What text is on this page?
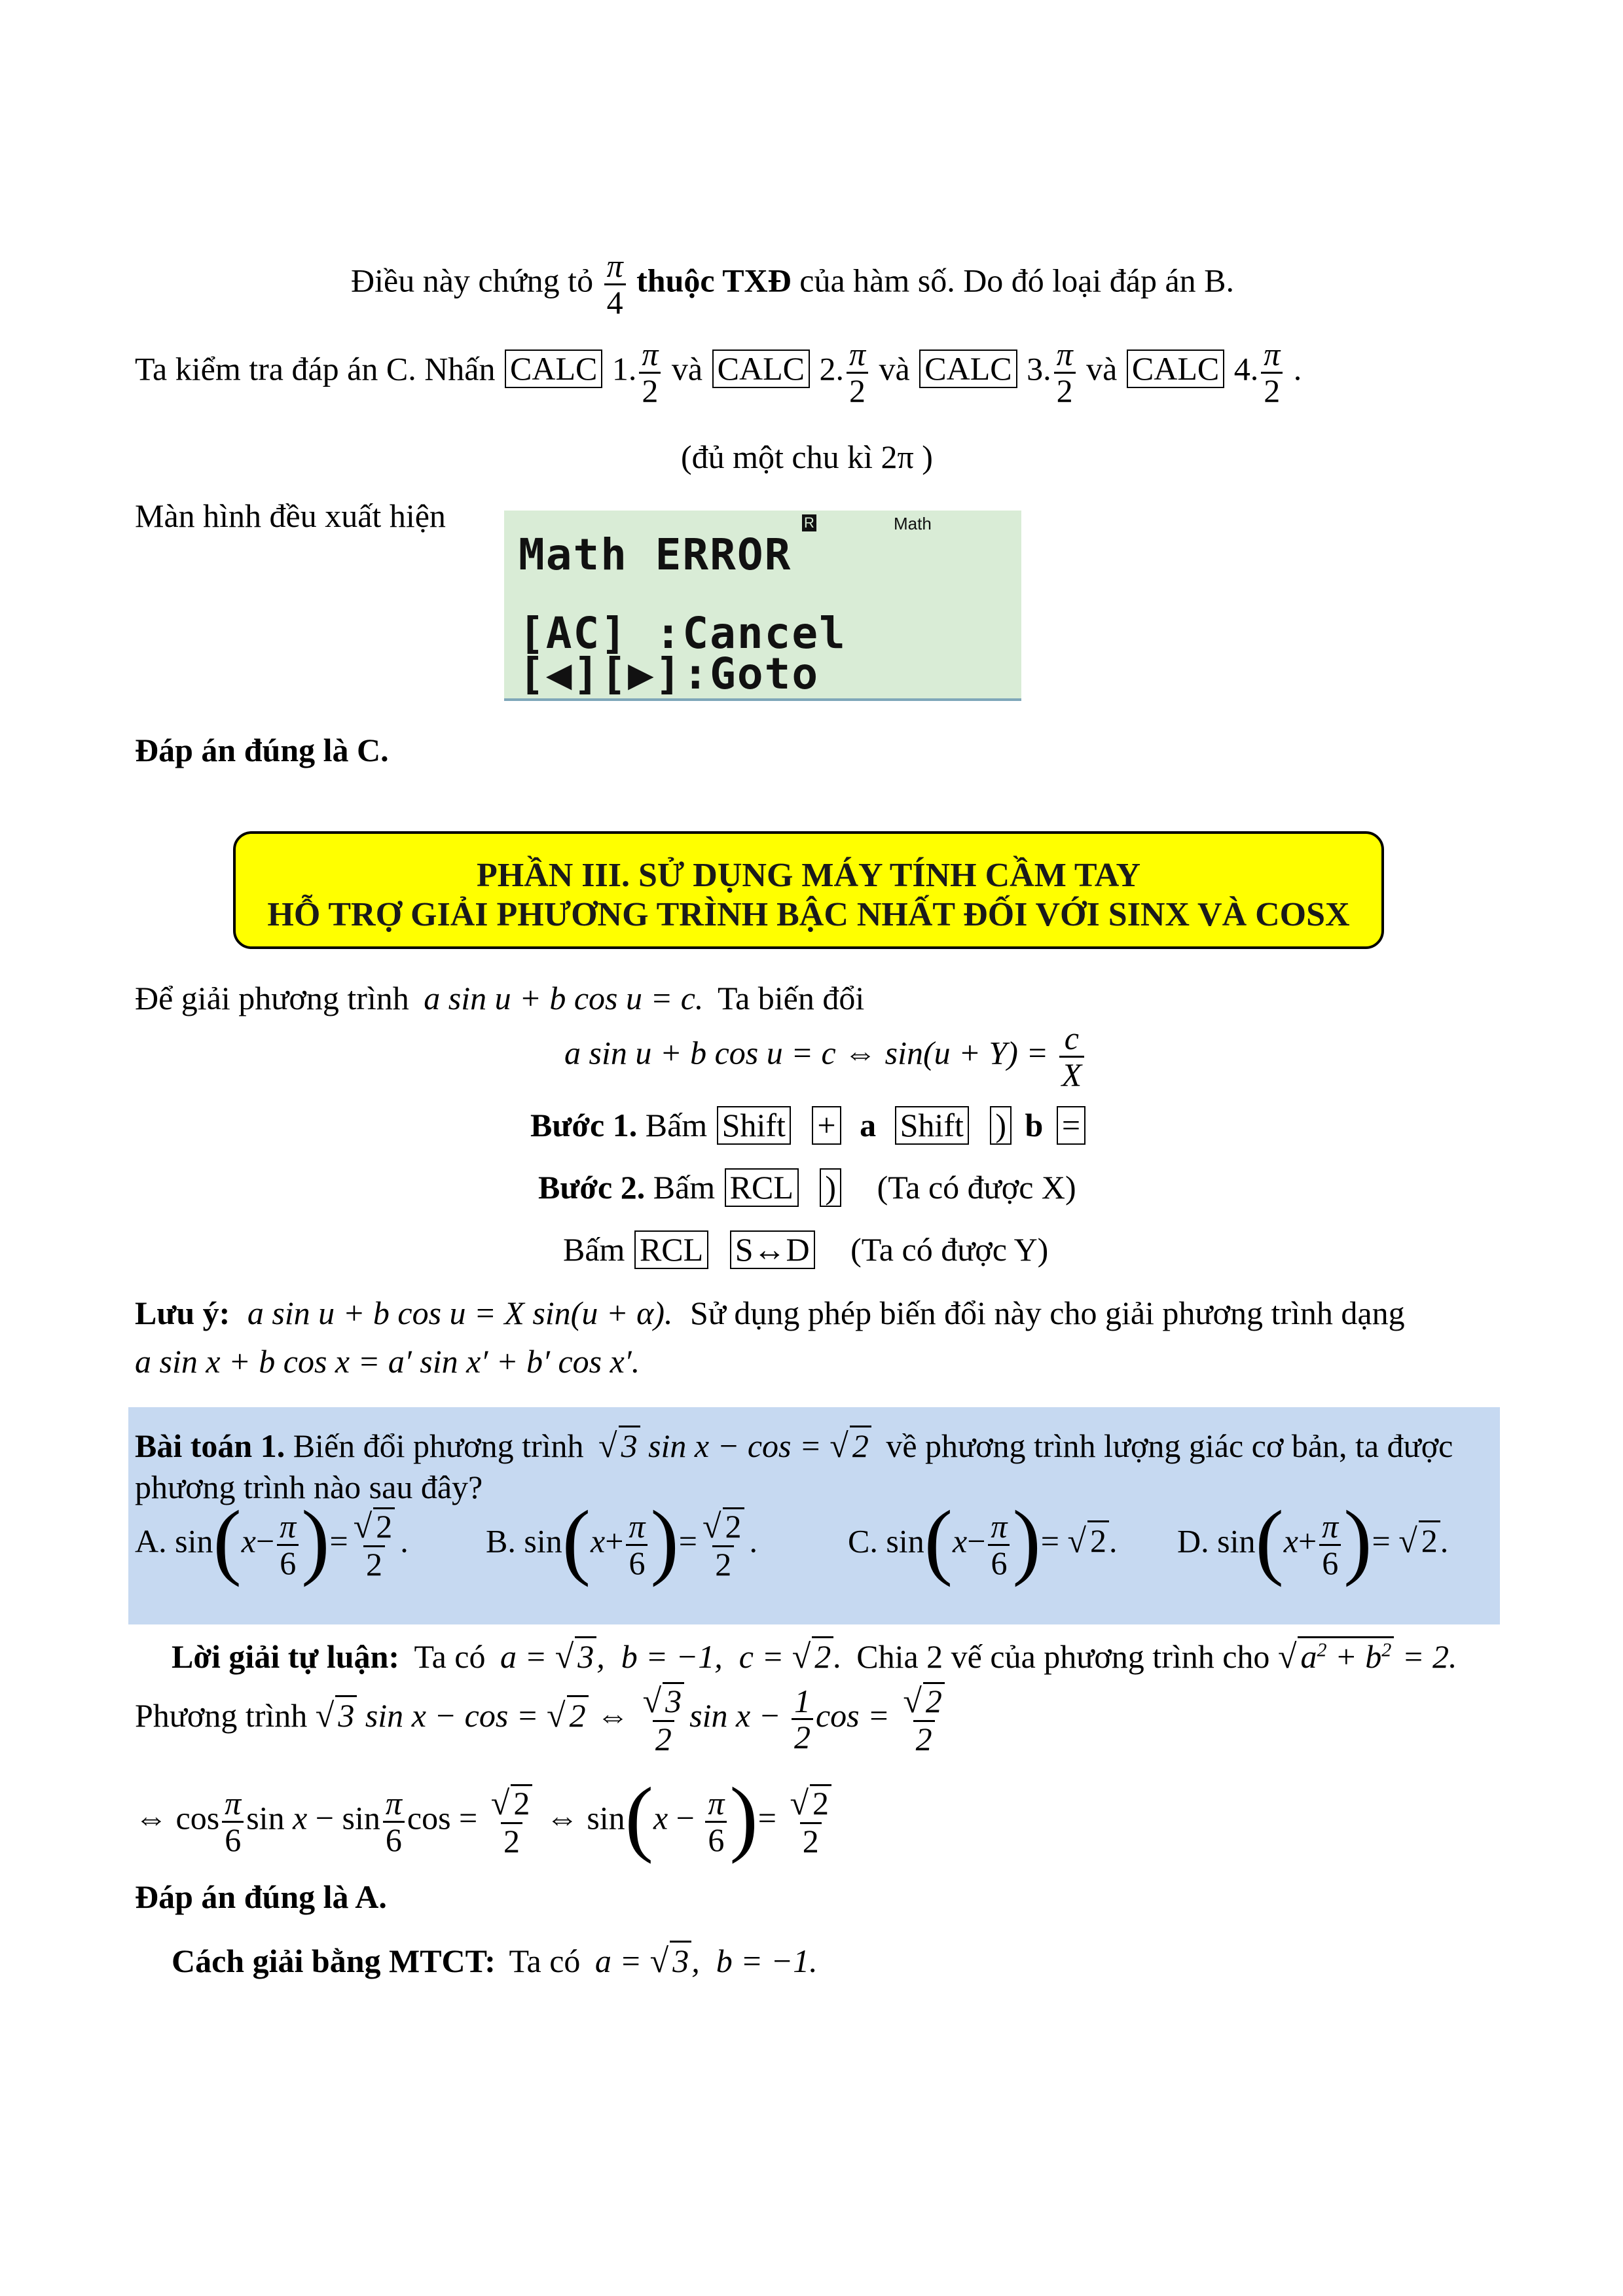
Điều này chứng tỏ $\frac{\pi}{4}$ thuộc TXĐ của hàm số. Do đó loại đáp án B.
Ta kiểm tra đáp án C. Nhấn CALC 1. $\frac{\pi}{2}$ và CALC 2. $\frac{\pi}{2}$ và CALC 3. $\frac{\pi}{2}$ và CALC 4. $\frac{\pi}{2}$ .
(đủ một chu kì 2π )
Màn hình đều xuất hiện	R	Math
Math ERROR
[AC] :Cancel
[◀][▶]:Goto
Đáp án đúng là C.
PHẦN III. SỬ DỤNG MÁY TÍNH CẦM TAY
HỖ TRỢ GIẢI PHƯƠNG TRÌNH BẬC NHẤT ĐỐI VỚI SINX VÀ COSX
Để giải phương trình a sin u + b cos u = c. Ta biến đổi
a sin u + b cos u = c ⇔ $\sin(u + Y) = \frac{c}{X}$
Bước 1. Bấm Shift + a Shift ) b =
Bước 2. Bấm RCL ) (Ta có được X)
Bấm RCL S↔D (Ta có được Y)
Lưu ý: a sin u + b cos u = X sin(u + α). Sử dụng phép biến đổi này cho giải phương trình dạng
a sin x + b cos x = a′ sin x′ + b′ cos x′.
Bài toán 1. Biến đổi phương trình √ 3 sin x − cos = √ 2 về phương trình lượng giác cơ bản, ta được
phương trình nào sau đây?
A. $\sin(x- \frac{\pi}{6}$ )= $\frac{√ 2}{2}$ . B. $\sin(x+ \frac{\pi}{6}$ )= $\frac{√ 2}{2}$ .	C. $\sin(x- \frac{\pi}{6}$ )= √ 2. D. $\sin(x+ \frac{\pi}{6}$ )= √ 2.
Lời giải tự luận: Ta có a = √ 3,  b = −1,  c = √ 2. Chia 2 vế của phương trình cho √ $a^2 + b^2 = 2$.
Phương trình √ 3 sin x − cos = √ 2 ⇔ $\frac{√ 3}{2}$ $\sin x - \frac{1}{2}$ $\cos = \frac{√ 2}{2}$
⇔ $\cos \frac{\pi}{6}$ $\sin x - \sin \frac{\pi}{6}$ $\cos = \frac{√ 2}{2}$ ⇔ $\sin(x - \frac{\pi}{6}$ )= $\frac{√ 2}{2}$
Đáp án đúng là A.
Cách giải bằng MTCT: Ta có a = √ 3,  b = −1.
